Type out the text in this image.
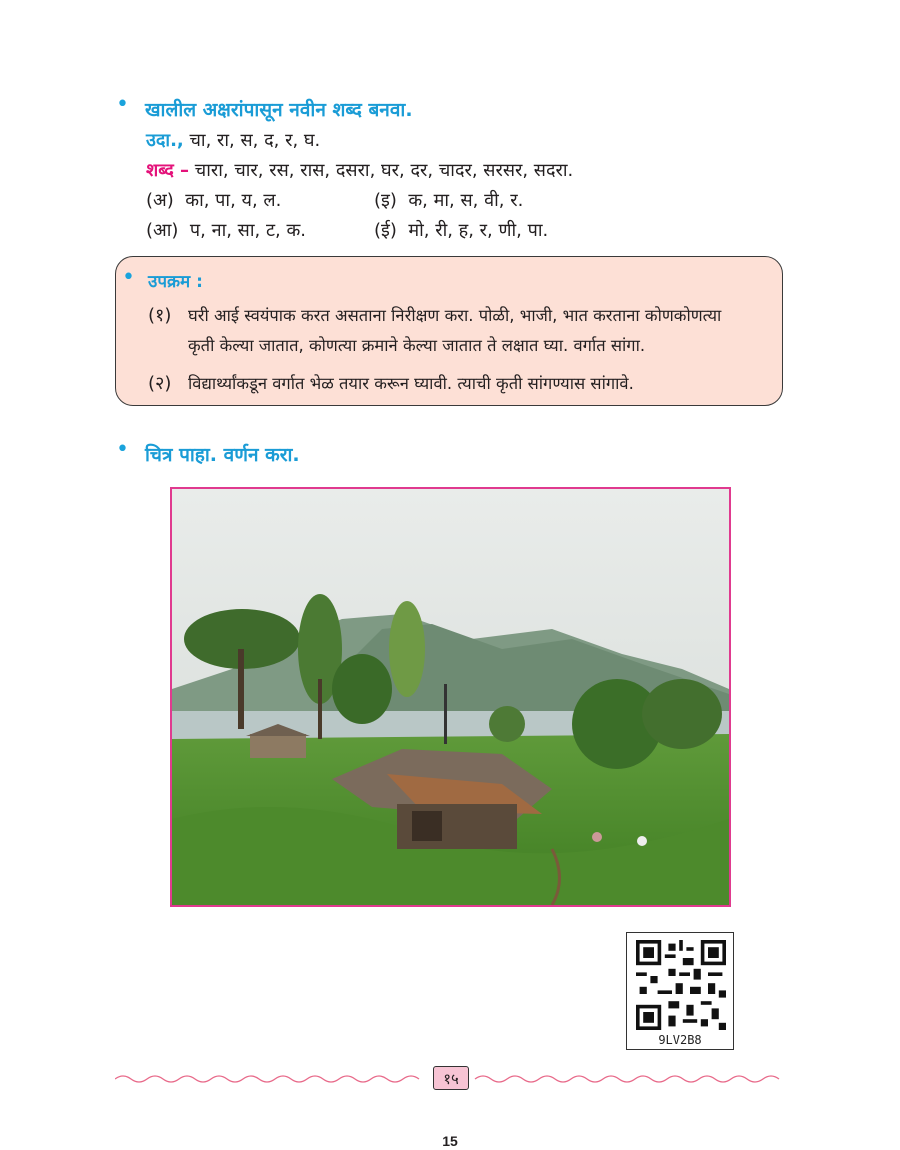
• खालील अक्षरांपासून नवीन शब्द बनवा.
उदा., चा, रा, स, द, र, घ.
शब्द – चारा, चार, रस, रास, दसरा, घर, दर, चादर, सरसर, सदरा.
(अ) का, पा, य, ल.	(इ) क, मा, स, वी, र.
(आ) प, ना, सा, ट, क.	(ई) मो, री, ह, र, णी, पा.
• उपक्रम :
(१) घरी आई स्वयंपाक करत असताना निरीक्षण करा. पोळी, भाजी, भात करताना कोणकोणत्या
कृती केल्या जातात, कोणत्या क्रमाने केल्या जातात ते लक्षात घ्या. वर्गात सांगा.
(२) विद्यार्थ्यांकडून वर्गात भेळ तयार करून घ्यावी. त्याची कृती सांगण्यास सांगावे.
• चित्र पाहा. वर्णन करा.
9LV2B8
१५
15
